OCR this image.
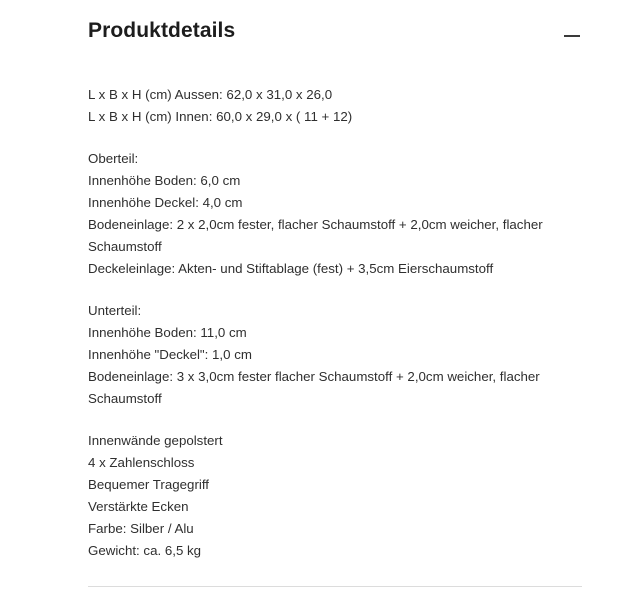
Produktdetails

L x B x H (cm) Aussen: 62,0 x 31,0 x 26,0

L x B x H (cm) Innen: 60,0 x 29,0 x ( 11 + 12)

Oberteil:

Innenhöhe Boden: 6,0 cm

Innenhöhe Deckel: 4,0 cm

Bodeneinlage: 2 x 2,0cm fester, flacher Schaumstoff + 2,0cm weicher, flacher Schaumstoff

Deckeleinlage: Akten- und Stiftablage (fest) + 3,5cm Eierschaumstoff

Unterteil:

Innenhöhe Boden: 11,0 cm

Innenhöhe "Deckel": 1,0 cm

Bodeneinlage: 3 x 3,0cm fester flacher Schaumstoff + 2,0cm weicher, flacher Schaumstoff

Innenwände gepolstert

4 x Zahlenschloss

Bequemer Tragegriff

Verstärkte Ecken

Farbe: Silber / Alu

Gewicht: ca. 6,5 kg
